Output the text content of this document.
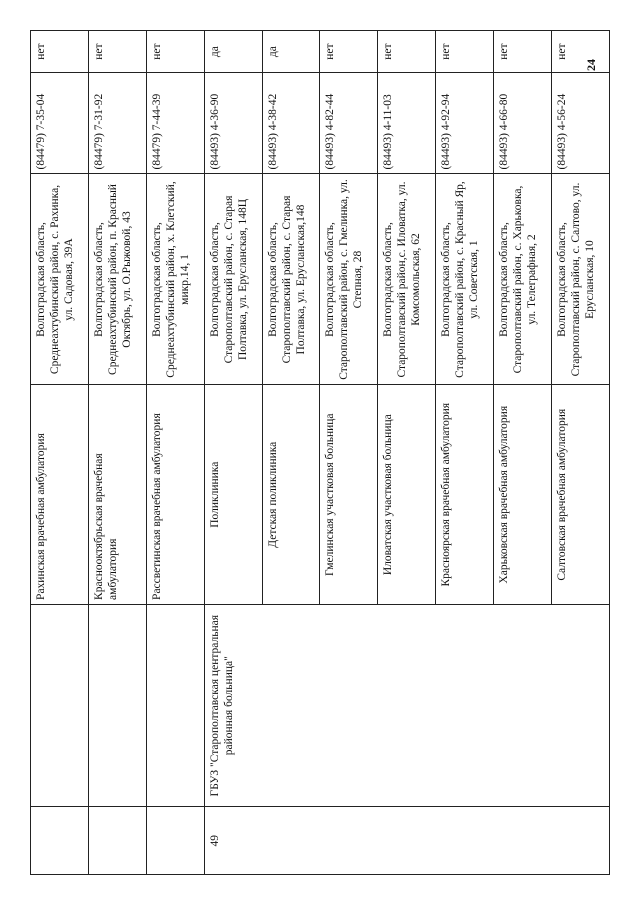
24
		Рахинская врачебная амбулатория	Волгоградская область, Среднеахтубинский район, с. Рахинка, ул. Садовая, 39А	(84479) 7-35-04	нет
		Краснооктябрьская врачебная амбулатория	Волгоградская область, Среднеахтубинский район, п. Красный Октябрь, ул. О.Рыжовой, 43	(84479) 7-31-92	нет
		Рассветинская врачебная амбулатория	Волгоградская область, Среднеахтубинский район, х. Клетский, микр.14, 1	(84479) 7-44-39	нет
49	ГБУЗ "Старополтавская центральная районная больница"	Поликлиника	Волгоградская область, Старополтавский район, с. Старая Полтавка, ул. Ерусланская, 148Ц	(84493) 4-36-90	да
		Детская поликлиника	Волгоградская область, Старополтавский район, с. Старая Полтавка, ул. Ерусланская,148	(84493) 4-38-42	да
		Гмелинская участковая больница	Волгоградская область, Старополтавский район, с. Гмелинка, ул. Степная, 28	(84493) 4-82-44	нет
		Иловатская участковая больница	Волгоградская область, Старополтавский район,с. Иловатка, ул. Комсомольская, 62	(84493) 4-11-03	нет
		Красноярская врачебная амбулатория	Волгоградская область, Старополтавский район, с. Красный Яр, ул. Советская, 1	(84493) 4-92-94	нет
		Харьковская врачебная амбулатория	Волгоградская область, Старополтавский район, с. Харьковка, ул. Телеграфная, 2	(84493) 4-66-80	нет
		Салтовская врачебная амбулатория	Волгоградская область, Старополтавский район, с. Салтово, ул. Ерусланская, 10	(84493) 4-56-24	нет
